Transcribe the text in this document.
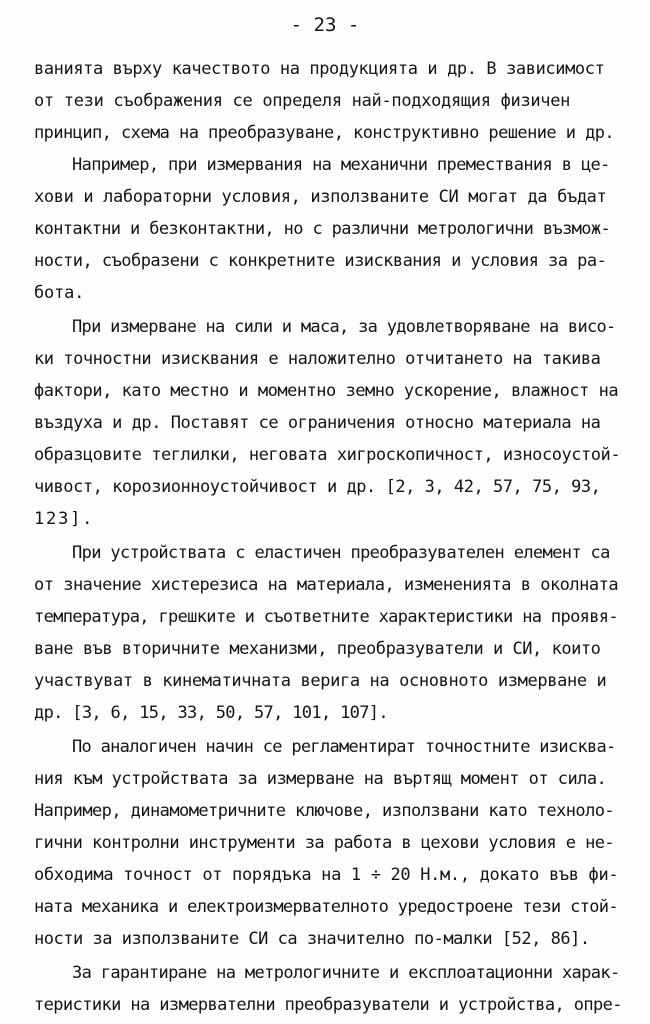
- 23 -
ванията върху качеството на продукцията и др. В зависимост
от тези съображения се определя най-подходящия физичен
принцип, схема на преобразуване, конструктивно решение и др.
Например, при измервания на механични премествания в це-
хови и лабораторни условия, използваните СИ могат да бъдат
контактни и безконтактни, но с различни метрологични възмож-
ности, съобразени с конкретните изисквания и условия за ра-
бота.
При измерване на сили и маса, за удовлетворяване на висо-
ки точностни изисквания е наложително отчитането на такива
фактори, като местно и моментно земно ускорение, влажност на
въздуха и др. Поставят се ограничения относно материала на
образцовите теглилки, неговата хигроскопичност, износоустой-
чивост, корозионноустойчивост и др. [2, 3, 42, 57, 75, 93,
123].
При устройствата с еластичен преобразувателен елемент са
от значение хистерезиса на материала, измененията в околната
температура, грешките и съответните характеристики на проявя-
ване във вторичните механизми, преобразуватели и СИ, които
участвуват в кинематичната верига на основното измерване и
др. [3, 6, 15, 33, 50, 57, 101, 107].
По аналогичен начин се регламентират точностните изисква-
ния към устройствата за измерване на въртящ момент от сила.
Например, динамометричните ключове, използвани като техноло-
гични контролни инструменти за работа в цехови условия е не-
обходима точност от порядъка на 1 ÷ 20 Н.м., докато във фи-
ната механика и електроизмервателното уредостроене тези стой-
ности за използваните СИ са значително по-малки [52, 86].
За гарантиране на метрологичните и експлоатационни харак-
теристики на измервателни преобразуватели и устройства, опре-
